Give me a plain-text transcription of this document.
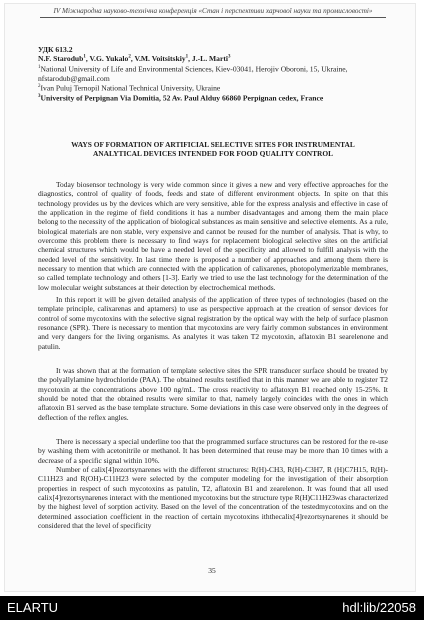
IV Міжнародна науково-технічна конференція «Стан і перспективи харчової науки та промисловості»
УДК 613.2
N.F. Starodub$^1$, V.G. Yukalo$^2$, V.M. Voitsitskiy$^1$, J.-L. Marti$^3$
$^1$National University of Life and Environmental Sciences, Kiev-03041, Herojiv Oboroni, 15, Ukraine, nfstarodub@gmail.com
$^2$Ivan Puluj Ternopil National Technical University, Ukraine
$^3$University of Perpignan Via Domitia, 52 Av. Paul Alduy 66860 Perpignan cedex, France
WAYS OF FORMATION OF ARTIFICIAL SELECTIVE SITES FOR INSTRUMENTAL ANALYTICAL DEVICES INTENDED FOR FOOD QUALITY CONTROL

Today biosensor technology is very wide common since it gives a new and very effective approaches for the diagnostics, control of quality of foods, feeds and state of different environment objects. In spite on that this technology provides us by the devices which are very sensitive, able for the express analysis and effective in case of the application in the regime of field conditions it has a number disadvantages and among them the main place belong to the necessity of the application of biological substances as main sensitive and selective elements. As a rule, biological materials are non stable, very expensive and cannot be reused for the number of analysis. That is why, to overcome this problem there is necessary to find ways for replacement biological selective sites on the artificial chemical structures which would be have a needed level of the specificity and allowed to fulfill analysis with the needed level of the sensitivity. In last time there is proposed a number of approaches and among them there is necessary to mention that which are connected with the application of calixarenes, photopolymerizable membranes, so called template technology and others [1-3]. Early we tried to use the last technology for the determination of the low molecular weight substances at their detection by electrochemical methods.

In this report it will be given detailed analysis of the application of three types of technologies (based on the template principle, calixarenas and aptamers) to use as perspective approach at the creation of sensor devices for control of some mycotoxins with the selective signal registration by the optical way with the help of surface plasmon resonance (SPR). There is necessary to mention that mycotoxins are very fairly common substances in environment and very dangers for the living organisms. As analytes it was taken T2 mycotoxin, aflatoxin B1 searelenone and patulin.

It was shown that at the formation of template selective sites the SPR transducer surface should be treated by the polyallylamine hydrochloride (PAA). The obtained results testified that in this manner we are able to register T2 mycotoxin at the concentrations above 100 ng/mL. The cross reactivity to aflatoxyn B1 reached only 15-25%. It should be noted that the obtained results were similar to that, namely largely coincides with the ones in which aflatoxin B1 served as the base template structure. Some deviations in this case were observed only in the degrees of deflection of the reflex angles.

There is necessary a special underline too that the programmed surface structures can be restored for the re-use by washing them with acetonitrile or methanol. It has been determined that reuse may be more than 10 times with a decrease of a specific signal within 10%.

Number of calix[4]rezortsynarenes with the different structures: R(H)-CH3, R(H)-C3H7, R (H)C7H15, R(H)-C11H23 and R(OH)-C11H23 were selected by the computer modeling for the investigation of their absorption properties in respect of such mycotoxins as patulin, T2, aflatoxin B1 and zearelenon. It was found that all used calix[4]rezortsynarenes interact with the mentioned mycotoxins but the structure type R(H)C11H23was characterized by the highest level of sorption activity. Based on the level of the concentration of the testedmycotoxins and on the determined association coefficient in the reaction of certain mycotoxins iththecalix[4]rezortsynarenes it should be considered that the level of specificity

35
ELARTU	hdl:lib/22058
